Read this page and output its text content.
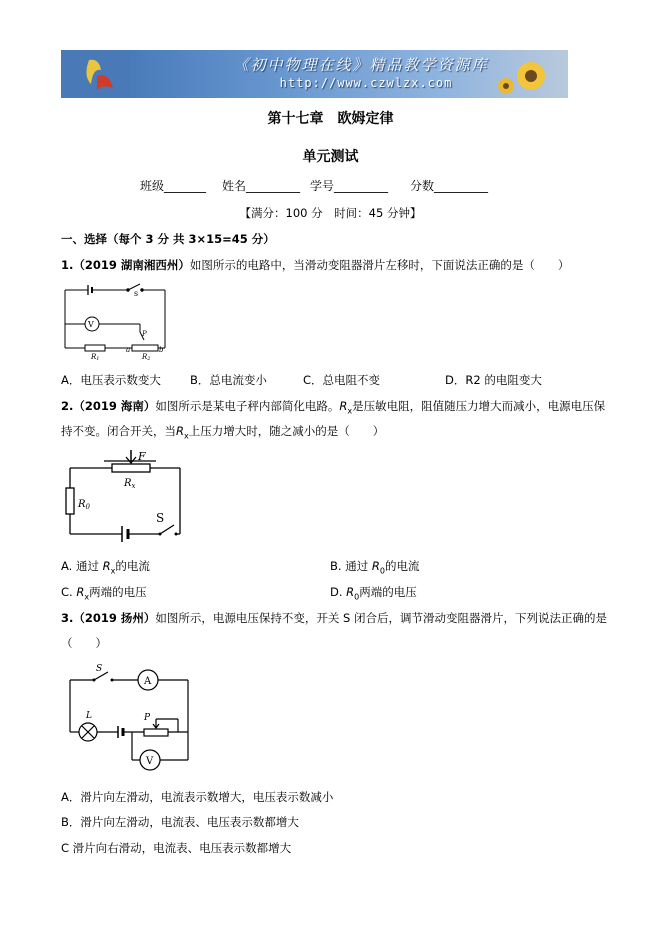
《初中物理在线》精品教学资源库
http://www.czwlzx.com
第十七章　欧姆定律
单元测试
班级_______ 姓名_________ 学号_________ 分数_________
【满分：100 分　时间：45 分钟】
一、选择（每个 3 分 共 3×15=45 分）
1.（2019 湖南湘西州）如图所示的电路中，当滑动变阻器滑片左移时，下面说法正确的是（　　）
s
V
P
a	b
R1	R2
A．电压表示数变大	B．总电流变小	C．总电阻不变	D．R2 的电阻变大
2.（2019 海南）如图所示是某电子秤内部简化电路。$R_x$是压敏电阻，阻值随压力增大而减小，电源电压保
持不变。闭合开关，当$R_x$上压力增大时，随之减小的是（　　）
F
$R_x$
$R_0$
S
A. 通过 $R_x$的电流	B. 通过 $R_0$的电流
C. $R_x$两端的电压	D. $R_0$两端的电压
3.（2019 扬州）如图所示，电源电压保持不变，开关 S 闭合后，调节滑动变阻器滑片，下列说法正确的是
（　　）
S
A
L	P
V
A．滑片向左滑动，电流表示数增大，电压表示数减小
B．滑片向左滑动，电流表、电压表示数都增大
C 滑片向右滑动，电流表、电压表示数都增大
